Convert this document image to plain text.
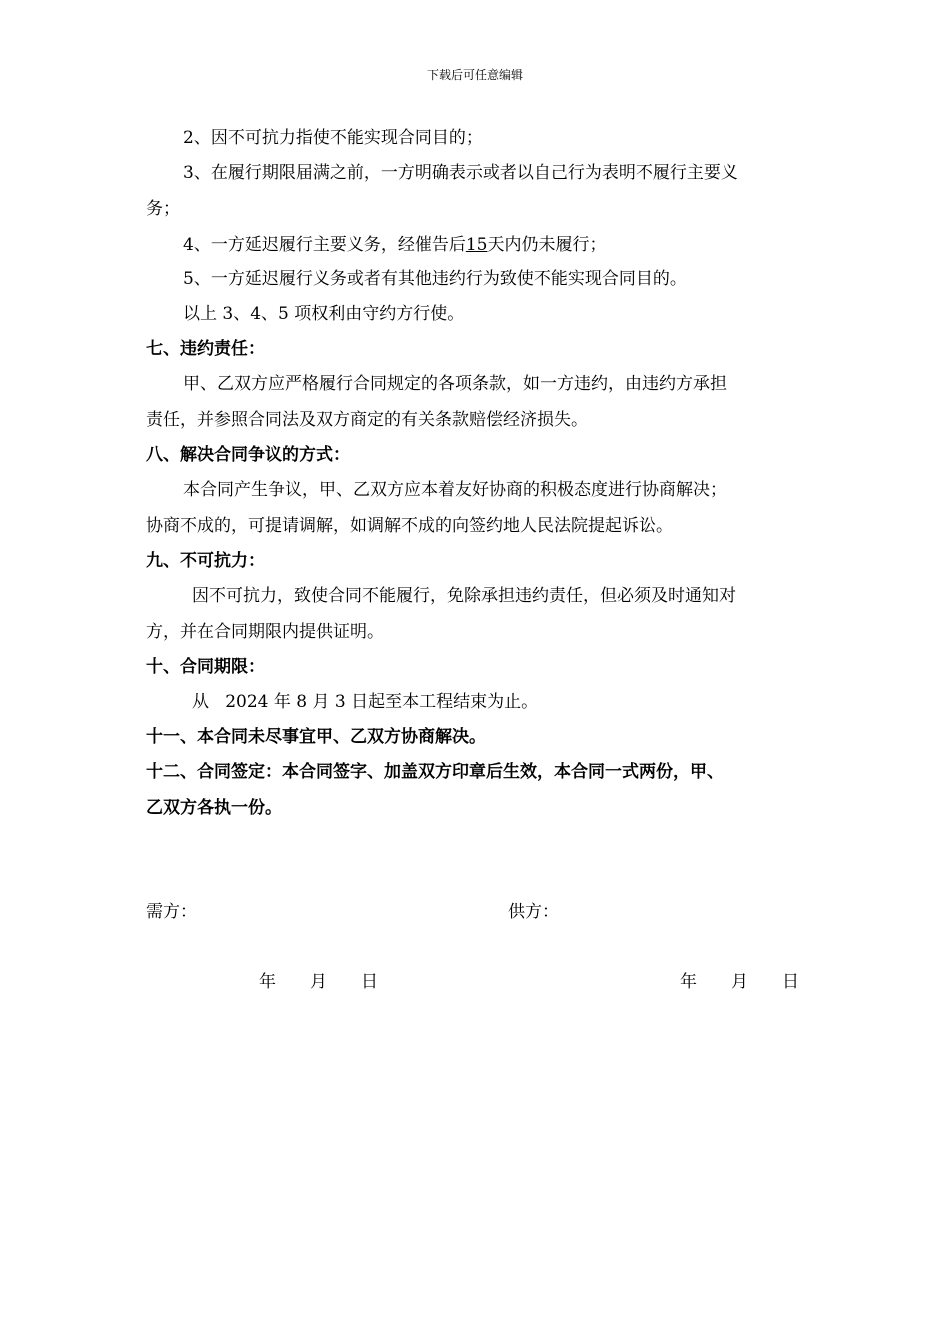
下载后可任意编辑
2、因不可抗力指使不能实现合同目的；
3、在履行期限届满之前，一方明确表示或者以自己行为表明不履行主要义
务；
4、一方延迟履行主要义务，经催告后15天内仍未履行；
5、一方延迟履行义务或者有其他违约行为致使不能实现合同目的。
以上 3、4、5 项权利由守约方行使。
七、违约责任：
甲、乙双方应严格履行合同规定的各项条款，如一方违约，由违约方承担
责任，并参照合同法及双方商定的有关条款赔偿经济损失。
八、解决合同争议的方式：
本合同产生争议，甲、乙双方应本着友好协商的积极态度进行协商解决；
协商不成的，可提请调解，如调解不成的向签约地人民法院提起诉讼。
九、不可抗力：
因不可抗力，致使合同不能履行，免除承担违约责任，但必须及时通知对
方，并在合同期限内提供证明。
十、合同期限：
从   2024 年 8 月 3 日起至本工程结束为止。
十一、本合同未尽事宜甲、乙双方协商解决。
十二、合同签定：本合同签字、加盖双方印章后生效，本合同一式两份，甲、
乙双方各执一份。
需方：	供方：
年　　月　　日	年　　月　　日
